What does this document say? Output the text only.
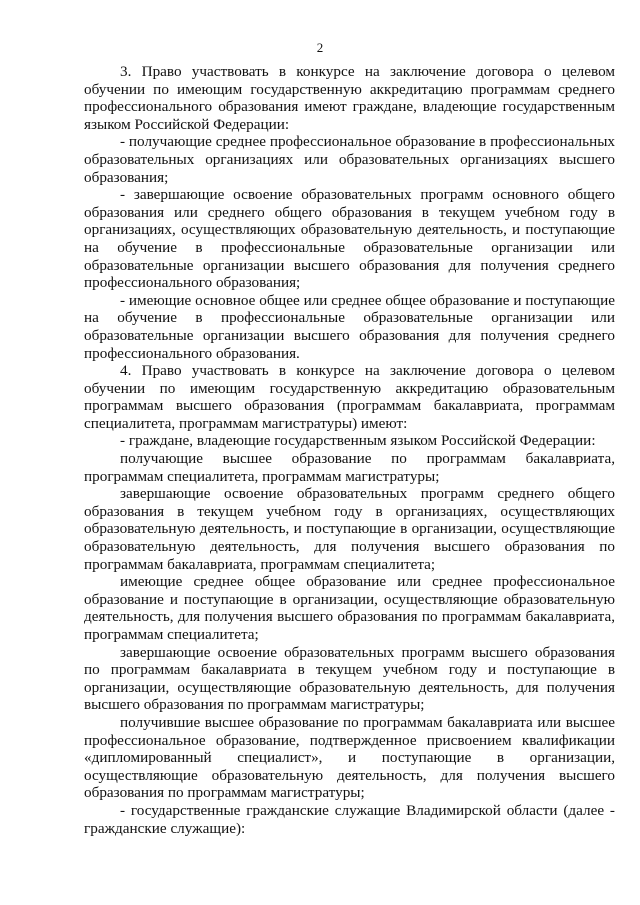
2

3. Право участвовать в конкурсе на заключение договора о целевом обучении по имеющим государственную аккредитацию программам среднего профессионального образования имеют граждане, владеющие государственным языком Российской Федерации:

- получающие среднее профессиональное образование в профессиональных образовательных организациях или образовательных организациях высшего образования;

- завершающие освоение образовательных программ основного общего образования или среднего общего образования в текущем учебном году в организациях, осуществляющих образовательную деятельность, и поступающие на обучение в профессиональные образовательные организации или образовательные организации высшего образования для получения среднего профессионального образования;

- имеющие основное общее или среднее общее образование и поступающие на обучение в профессиональные образовательные организации или образовательные организации высшего образования для получения среднего профессионального образования.

4. Право участвовать в конкурсе на заключение договора о целевом обучении по имеющим государственную аккредитацию образовательным программам высшего образования (программам бакалавриата, программам специалитета, программам магистратуры) имеют:

- граждане, владеющие государственным языком Российской Федерации:

получающие высшее образование по программам бакалавриата, программам специалитета, программам магистратуры;

завершающие освоение образовательных программ среднего общего образования в текущем учебном году в организациях, осуществляющих образовательную деятельность, и поступающие в организации, осуществляющие образовательную деятельность, для получения высшего образования по программам бакалавриата, программам специалитета;

имеющие среднее общее образование или среднее профессиональное образование и поступающие в организации, осуществляющие образовательную деятельность, для получения высшего образования по программам бакалавриата, программам специалитета;

завершающие освоение образовательных программ высшего образования по программам бакалавриата в текущем учебном году и поступающие в организации, осуществляющие образовательную деятельность, для получения высшего образования по программам магистратуры;

получившие высшее образование по программам бакалавриата или высшее профессиональное образование, подтвержденное присвоением квалификации «дипломированный специалист», и поступающие в организации, осуществляющие образовательную деятельность, для получения высшего образования по программам магистратуры;

- государственные гражданские служащие Владимирской области (далее - гражданские служащие):
